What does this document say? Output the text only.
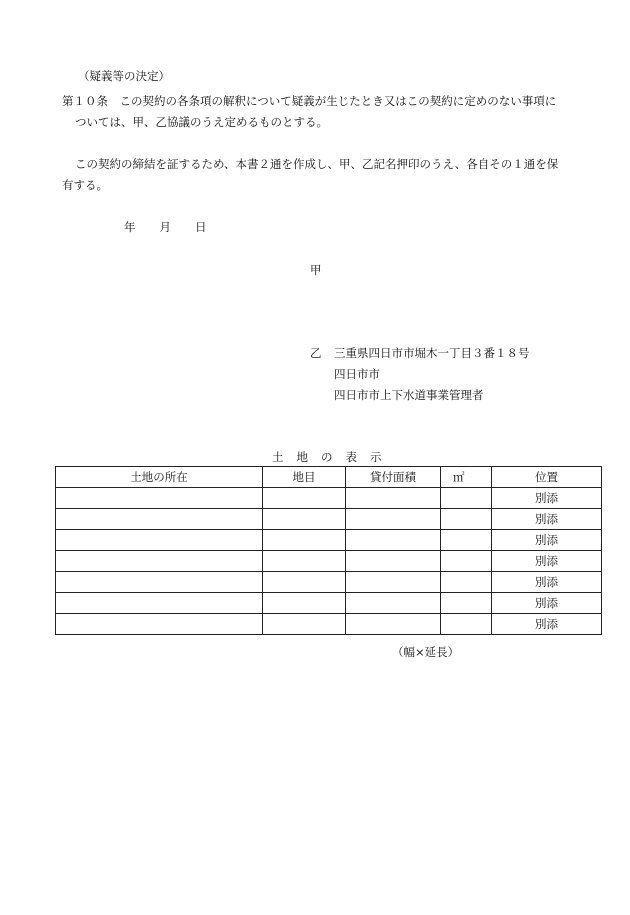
（疑義等の決定）
第１０条　この契約の各条項の解釈について疑義が生じたとき又はこの契約に定めのない事項に
ついては、甲、乙協議のうえ定めるものとする。
この契約の締結を証するため、本書２通を作成し、甲、乙記名押印のうえ、各自その１通を保
有する。
年 月 日
甲
乙 三重県四日市市堀木一丁目３番１８号
四日市市
四日市市上下水道事業管理者
土地の表示
土地の所在	地目	貸付面積	㎡	位置
				別添
				別添
				別添
				別添
				別添
				別添
				別添
（幅×延長）
